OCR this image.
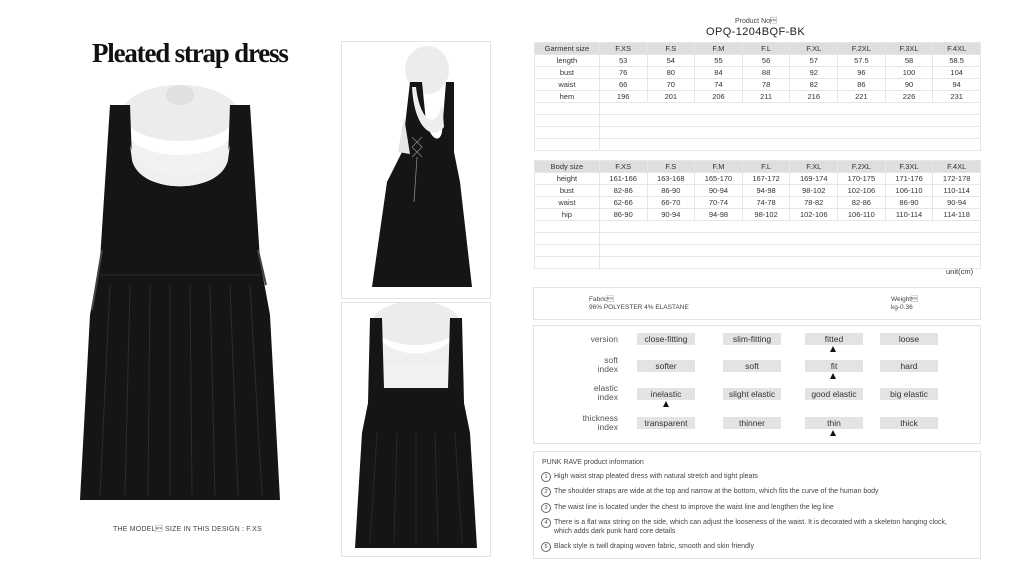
Pleated strap dress
THE MODEL SIZE IN THIS DESIGN : F.XS
Product No
OPQ-1204BQF-BK
Garment size	F.XS	F.S	F.M	F.L	F.XL	F.2XL	F.3XL	F.4XL
length	53	54	55	56	57	57.5	58	58.5
bust	76	80	84	88	92	96	100	104
waist	66	70	74	78	82	86	90	94
hem	196	201	206	211	216	221	226	231

Body size	F.XS	F.S	F.M	F.L	F.XL	F.2XL	F.3XL	F.4XL
height	161-166	163-168	165-170	167-172	169-174	170-175	171-176	172-178
bust	82-86	86-90	90-94	94-98	98-102	102-106	106-110	110-114
waist	62-66	66-70	70-74	74-78	78-82	82-86	86-90	90-94
hip	86-90	90-94	94-98	98-102	102-106	106-110	110-114	114-118

unit(cm)
Fabric
96% POLYESTER 4% ELASTANE
Weight
kg-0.36
version	close-fitting	slim-fitting	fitted	loose
soft
index	softer	soft	fit	hard
elastic
index	inelastic	slight elastic	good elastic	big elastic
thickness
index	transparent	thinner	thin	thick
PUNK RAVE product information
1 High waist strap pleated dress with natural stretch and tight pleats
2 The shoulder straps are wide at the top and narrow at the bottom, which fits the curve of the human body
3 The waist line is located under the chest to improve the waist line and lengthen the leg line
4 There is a flat wax string on the side, which can adjust the looseness of the waist. It is decorated with a skeleton hanging clock, which adds dark punk hard core details
5 Black style is twill draping woven fabric, smooth and skin friendly
